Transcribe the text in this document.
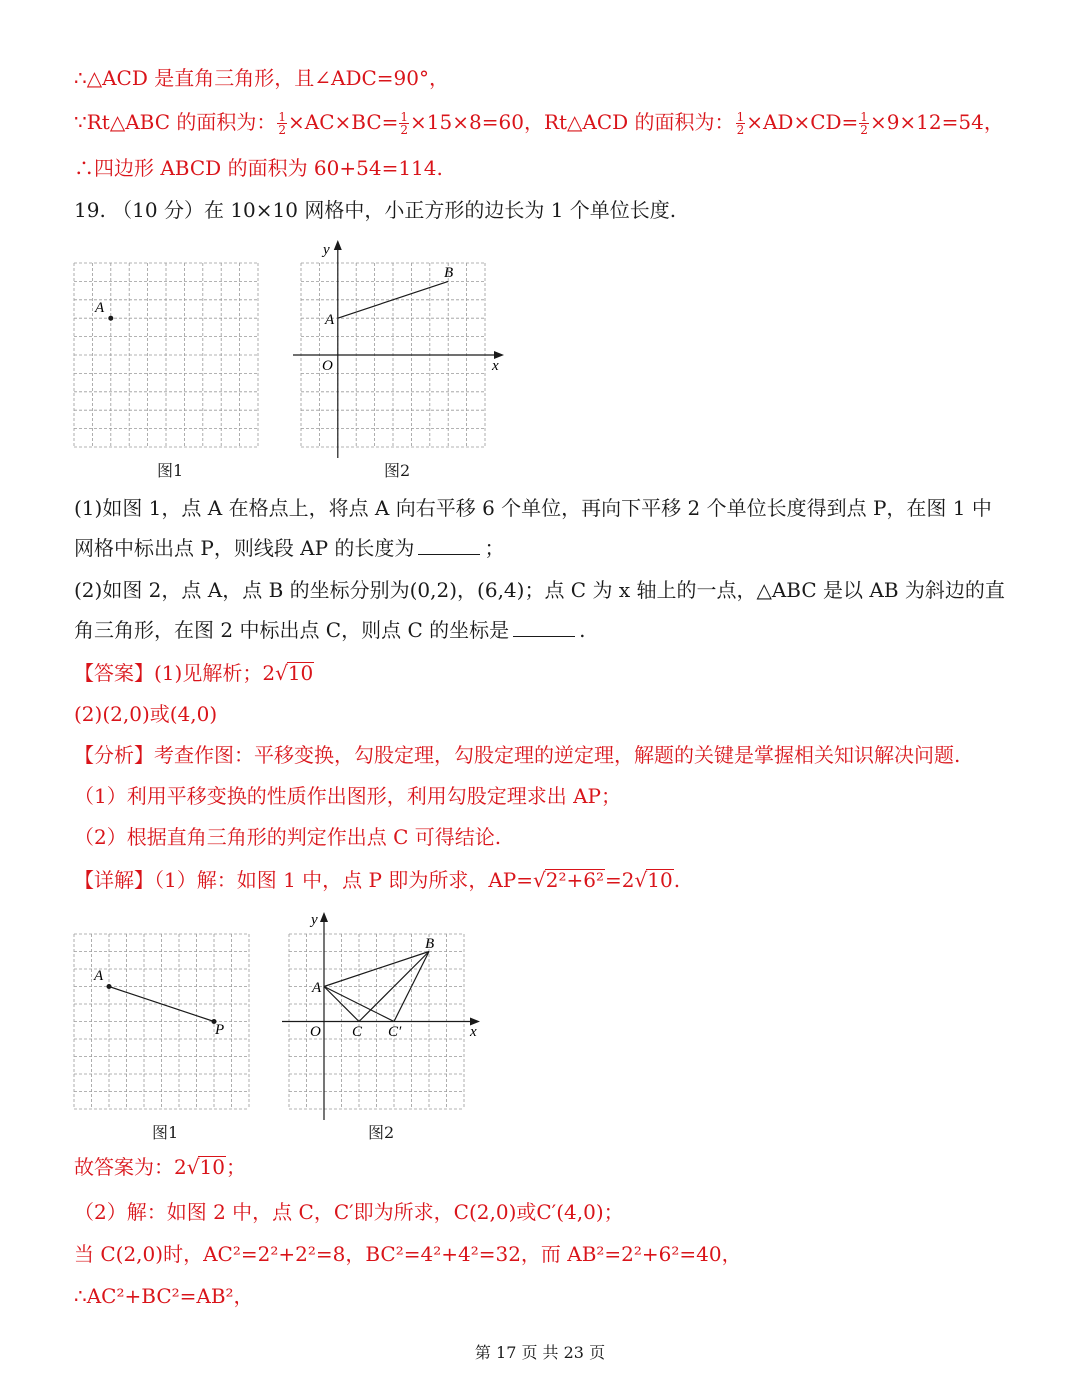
∴△ACD 是直角三角形，且∠ADC=90°，
∵Rt△ABC 的面积为： $\frac{1}{2} \times AC\times BC= \frac{1}{2} \times 15\times 8=60$，Rt△ACD 的面积为： $\frac{1}{2} \times AD\times CD= \frac{1}{2} \times 9\times 12=54$，
∴四边形 ABCD 的面积为 60+54=114.
19. （10 分）在 10×10 网格中，小正方形的边长为 1 个单位长度.
A
y
B
A
O	x
图1	图2
(1)如图 1，点 A 在格点上，将点 A 向右平移 6 个单位，再向下平移 2 个单位长度得到点 P，在图 1 中
网格中标出点 P，则线段 AP 的长度为	；
(2)如图 2，点 A，点 B 的坐标分别为(0,2)，(6,4)；点 C 为 x 轴上的一点，△ABC 是以 AB 为斜边的直
角三角形，在图 2 中标出点 C，则点 C 的坐标是	.
【答案】(1)见解析；2√10
(2)(2,0)或(4,0)
【分析】考查作图：平移变换，勾股定理，勾股定理的逆定理，解题的关键是掌握相关知识解决问题.
（1）利用平移变换的性质作出图形，利用勾股定理求出 AP；
（2）根据直角三角形的判定作出点 C 可得结论.
【详解】（1）解：如图 1 中，点 P 即为所求，AP=√2²+6²=2√10.
A
P
y
B
A
O C C′	x
图1	图2
故答案为：2√10；
（2）解：如图 2 中，点 C，C′即为所求，C(2,0)或C′(4,0)；
当 C(2,0)时，AC²=2²+2²=8，BC²=4²+4²=32，而 AB²=2²+6²=40，
∴AC²+BC²=AB²，
第 17 页 共 23 页
